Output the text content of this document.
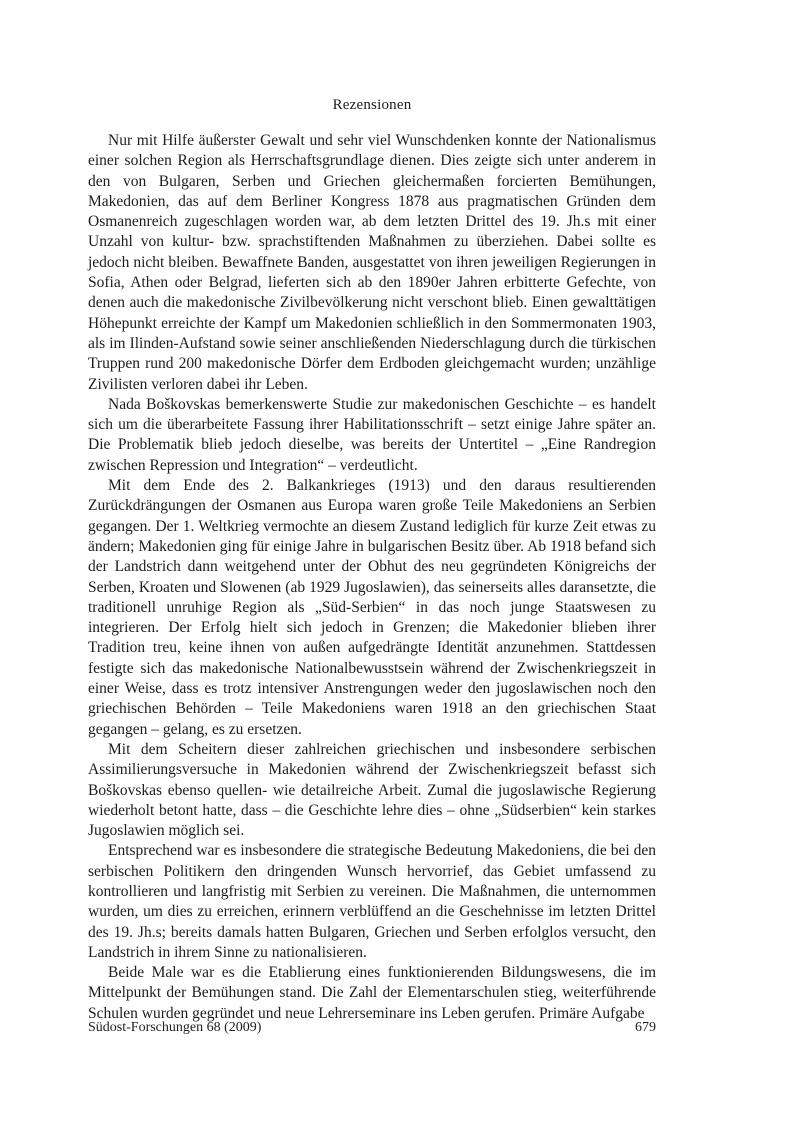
Rezensionen

Nur mit Hilfe äußerster Gewalt und sehr viel Wunschdenken konnte der Nationalismus einer solchen Region als Herrschaftsgrundlage dienen. Dies zeigte sich unter anderem in den von Bulgaren, Serben und Griechen gleichermaßen forcierten Bemühungen, Makedonien, das auf dem Berliner Kongress 1878 aus pragmatischen Gründen dem Osmanenreich zugeschlagen worden war, ab dem letzten Drittel des 19. Jh.s mit einer Unzahl von kultur- bzw. sprachstiftenden Maßnahmen zu überziehen. Dabei sollte es jedoch nicht bleiben. Bewaffnete Banden, ausgestattet von ihren jeweiligen Regierungen in Sofia, Athen oder Belgrad, lieferten sich ab den 1890er Jahren erbitterte Gefechte, von denen auch die makedonische Zivilbevölkerung nicht verschont blieb. Einen gewalttätigen Höhepunkt erreichte der Kampf um Makedonien schließlich in den Sommermonaten 1903, als im Ilinden-Aufstand sowie seiner anschließenden Niederschlagung durch die türkischen Truppen rund 200 makedonische Dörfer dem Erdboden gleichgemacht wurden; unzählige Zivilisten verloren dabei ihr Leben.

Nada Boškovskas bemerkenswerte Studie zur makedonischen Geschichte – es handelt sich um die überarbeitete Fassung ihrer Habilitationsschrift – setzt einige Jahre später an. Die Problematik blieb jedoch dieselbe, was bereits der Untertitel – „Eine Randregion zwischen Repression und Integration“ – verdeutlicht.

Mit dem Ende des 2. Balkankrieges (1913) und den daraus resultierenden Zurückdrängungen der Osmanen aus Europa waren große Teile Makedoniens an Serbien gegangen. Der 1. Weltkrieg vermochte an diesem Zustand lediglich für kurze Zeit etwas zu ändern; Makedonien ging für einige Jahre in bulgarischen Besitz über. Ab 1918 befand sich der Landstrich dann weitgehend unter der Obhut des neu gegründeten Königreichs der Serben, Kroaten und Slowenen (ab 1929 Jugoslawien), das seinerseits alles daransetzte, die traditionell unruhige Region als „Süd-Serbien“ in das noch junge Staatswesen zu integrieren. Der Erfolg hielt sich jedoch in Grenzen; die Makedonier blieben ihrer Tradition treu, keine ihnen von außen aufgedrängte Identität anzunehmen. Stattdessen festigte sich das makedonische Nationalbewusstsein während der Zwischenkriegszeit in einer Weise, dass es trotz intensiver Anstrengungen weder den jugoslawischen noch den griechischen Behörden – Teile Makedoniens waren 1918 an den griechischen Staat gegangen – gelang, es zu ersetzen.

Mit dem Scheitern dieser zahlreichen griechischen und insbesondere serbischen Assimilierungsversuche in Makedonien während der Zwischenkriegszeit befasst sich Boškovskas ebenso quellen- wie detailreiche Arbeit. Zumal die jugoslawische Regierung wiederholt betont hatte, dass – die Geschichte lehre dies – ohne „Südserbien“ kein starkes Jugoslawien möglich sei.

Entsprechend war es insbesondere die strategische Bedeutung Makedoniens, die bei den serbischen Politikern den dringenden Wunsch hervorrief, das Gebiet umfassend zu kontrollieren und langfristig mit Serbien zu vereinen. Die Maßnahmen, die unternommen wurden, um dies zu erreichen, erinnern verblüffend an die Geschehnisse im letzten Drittel des 19. Jh.s; bereits damals hatten Bulgaren, Griechen und Serben erfolglos versucht, den Landstrich in ihrem Sinne zu nationalisieren.

Beide Male war es die Etablierung eines funktionierenden Bildungswesens, die im Mittelpunkt der Bemühungen stand. Die Zahl der Elementarschulen stieg, weiterführende Schulen wurden gegründet und neue Lehrerseminare ins Leben gerufen. Primäre Aufgabe

Südost-Forschungen 68 (2009)	679
